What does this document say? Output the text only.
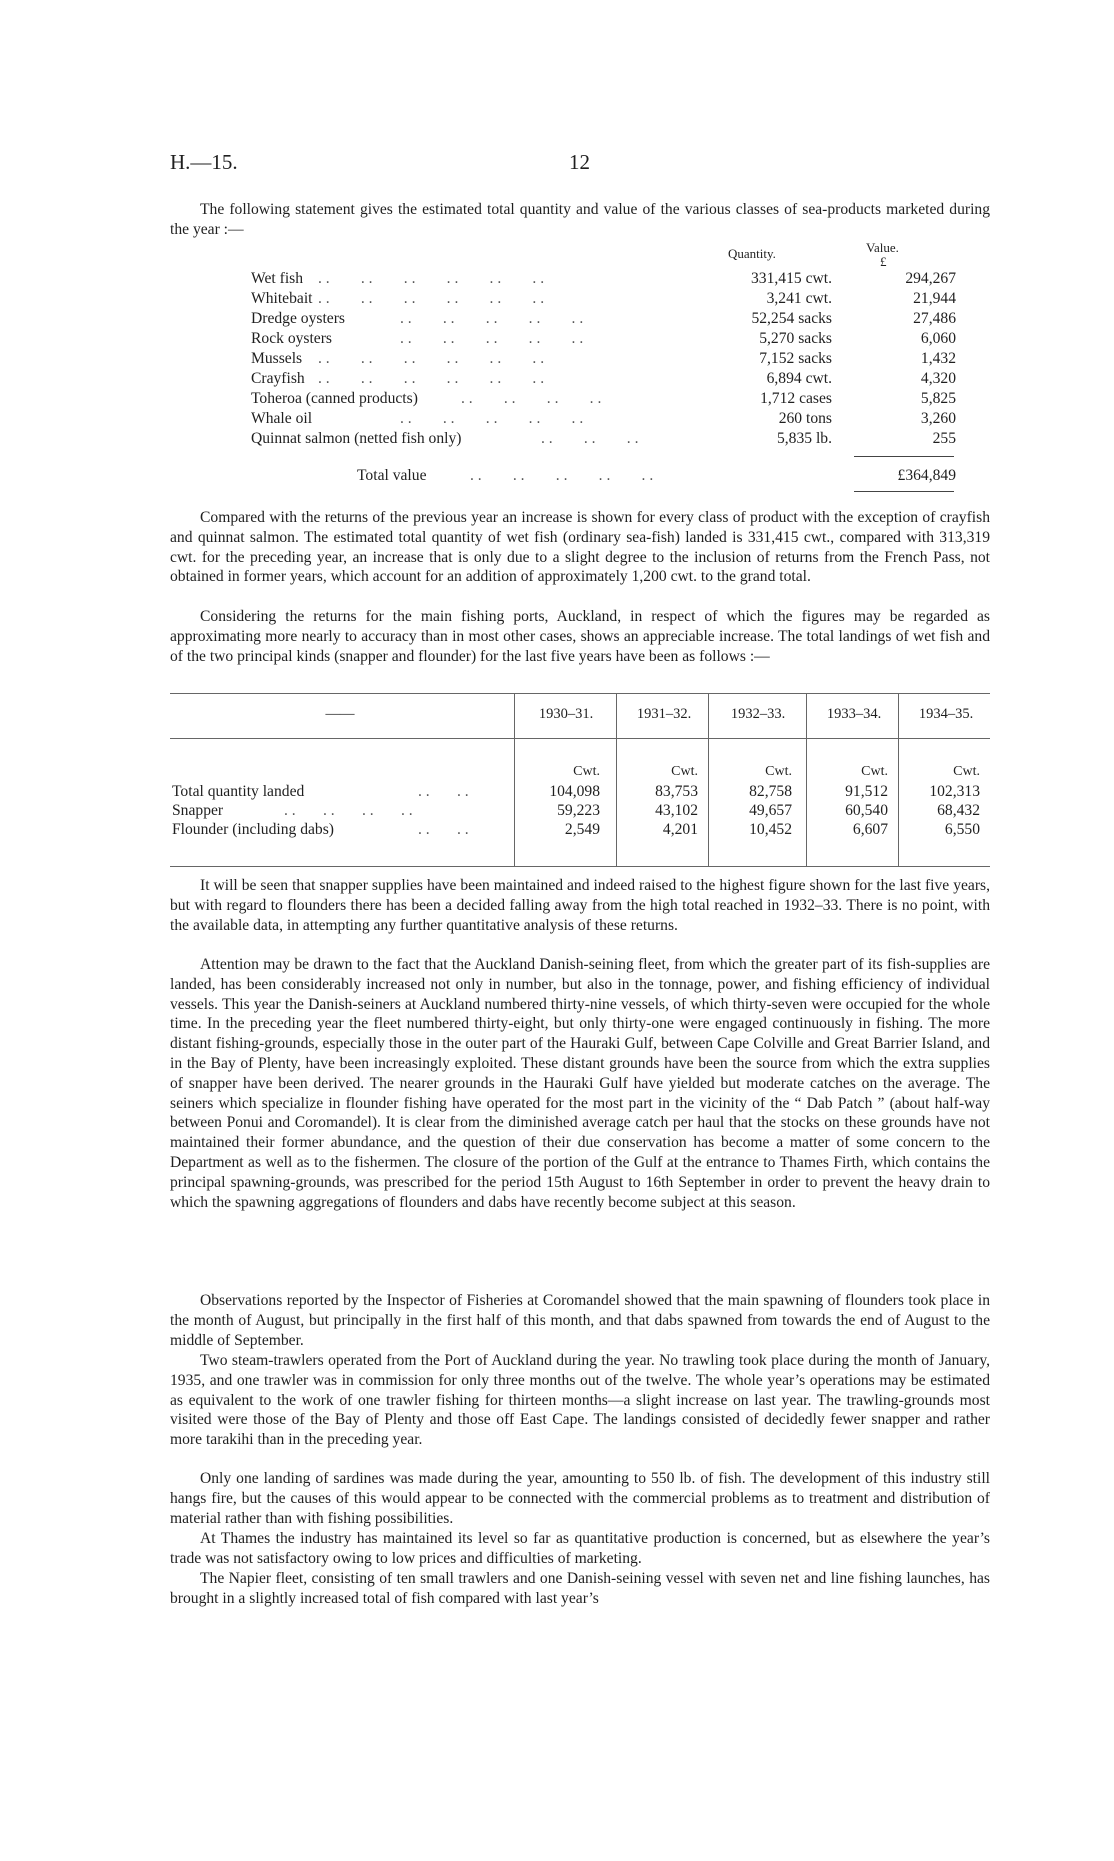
H.—15.	12

The following statement gives the estimated total quantity and value of the various classes of sea-products marketed during the year :—

Quantity.	Value.
£
Wet fish	331,415 cwt.	294,267
Whitebait	3,241 cwt.	21,944
Dredge oysters	52,254 sacks	27,486
Rock oysters	5,270 sacks	6,060
Mussels	7,152 sacks	1,432
Crayfish	6,894 cwt.	4,320
Toheroa (canned products)	1,712 cases	5,825
Whale oil	260 tons	3,260
Quinnat salmon (netted fish only)	5,835 lb.	255
. .        . .        . .        . .        . .        . .
. .        . .        . .        . .        . .        . .
. .        . .        . .        . .        . .
. .        . .        . .        . .        . .
. .        . .        . .        . .        . .        . .
. .        . .        . .        . .        . .        . .
. .        . .        . .        . .
. .        . .        . .        . .        . .
. .        . .        . .
Total value	. .        . .        . .        . .        . .	£364,849

Compared with the returns of the previous year an increase is shown for every class of product with the exception of crayfish and quinnat salmon. The estimated total quantity of wet fish (ordinary sea-fish) landed is 331,415 cwt., compared with 313,319 cwt. for the preceding year, an increase that is only due to a slight degree to the inclusion of returns from the French Pass, not obtained in former years, which account for an addition of approximately 1,200 cwt. to the grand total.

Considering the returns for the main fishing ports, Auckland, in respect of which the figures may be regarded as approximating more nearly to accuracy than in most other cases, shows an appreciable increase. The total landings of wet fish and of the two principal kinds (snapper and flounder) for the last five years have been as follows :—

——	1930–31.	1931–32.	1932–33.	1933–34.	1934–35.
Cwt.	Cwt.	Cwt.	Cwt.	Cwt.
Total quantity landed	. .       . .	104,098	83,753	82,758	91,512	102,313
Snapper	. .       . .       . .       . .	59,223	43,102	49,657	60,540	68,432
Flounder (including dabs)	. .       . .	2,549	4,201	10,452	6,607	6,550

It will be seen that snapper supplies have been maintained and indeed raised to the highest figure shown for the last five years, but with regard to flounders there has been a decided falling away from the high total reached in 1932–33. There is no point, with the available data, in attempting any further quantitative analysis of these returns.

Attention may be drawn to the fact that the Auckland Danish-seining fleet, from which the greater part of its fish-supplies are landed, has been considerably increased not only in number, but also in the tonnage, power, and fishing efficiency of individual vessels. This year the Danish-seiners at Auckland numbered thirty-nine vessels, of which thirty-seven were occupied for the whole time. In the preceding year the fleet numbered thirty-eight, but only thirty-one were engaged continuously in fishing. The more distant fishing-grounds, especially those in the outer part of the Hauraki Gulf, between Cape Colville and Great Barrier Island, and in the Bay of Plenty, have been increasingly exploited. These distant grounds have been the source from which the extra supplies of snapper have been derived. The nearer grounds in the Hauraki Gulf have yielded but moderate catches on the average. The seiners which specialize in flounder fishing have operated for the most part in the vicinity of the “ Dab Patch ” (about half-way between Ponui and Coromandel). It is clear from the diminished average catch per haul that the stocks on these grounds have not maintained their former abundance, and the question of their due conservation has become a matter of some concern to the Department as well as to the fishermen. The closure of the portion of the Gulf at the entrance to Thames Firth, which contains the principal spawning-grounds, was prescribed for the period 15th August to 16th September in order to prevent the heavy drain to which the spawning aggregations of flounders and dabs have recently become subject at this season.

Observations reported by the Inspector of Fisheries at Coromandel showed that the main spawning of flounders took place in the month of August, but principally in the first half of this month, and that dabs spawned from towards the end of August to the middle of September.

Two steam-trawlers operated from the Port of Auckland during the year. No trawling took place during the month of January, 1935, and one trawler was in commission for only three months out of the twelve. The whole year’s operations may be estimated as equivalent to the work of one trawler fishing for thirteen months—a slight increase on last year. The trawling-grounds most visited were those of the Bay of Plenty and those off East Cape. The landings consisted of decidedly fewer snapper and rather more tarakihi than in the preceding year.

Only one landing of sardines was made during the year, amounting to 550 lb. of fish. The development of this industry still hangs fire, but the causes of this would appear to be connected with the commercial problems as to treatment and distribution of material rather than with fishing possibilities.

At Thames the industry has maintained its level so far as quantitative production is concerned, but as elsewhere the year’s trade was not satisfactory owing to low prices and difficulties of marketing.

The Napier fleet, consisting of ten small trawlers and one Danish-seining vessel with seven net and line fishing launches, has brought in a slightly increased total of fish compared with last year’s
